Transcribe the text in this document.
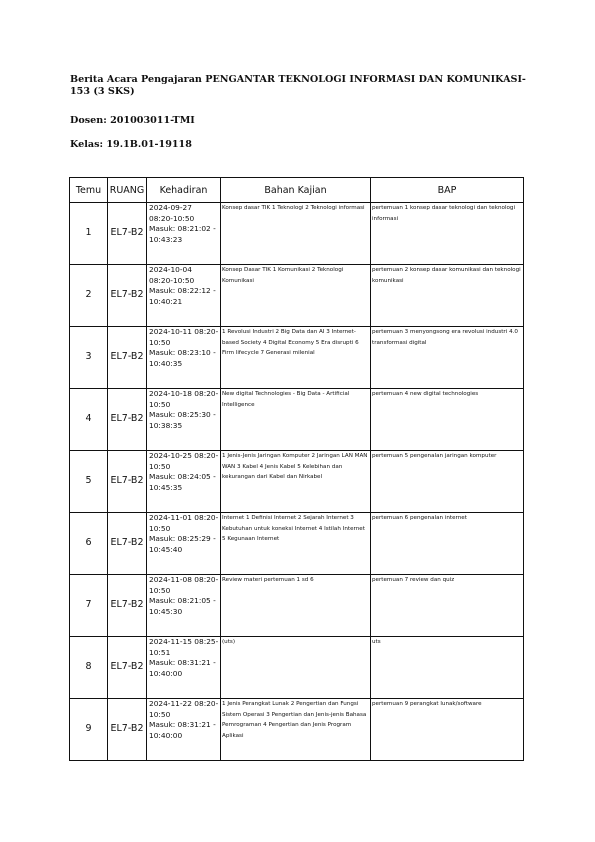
Berita Acara Pengajaran PENGANTAR TEKNOLOGI INFORMASI DAN KOMUNIKASI-153 (3 SKS)
Dosen: 201003011-TMI
Kelas: 19.1B.01-19118
Temu	RUANG	Kehadiran	Bahan Kajian	BAP
1	EL7-B2	2024-09-27
08:20-10:50
Masuk: 08:21:02 -
10:43:23	Konsep dasar TIK 1 Teknologi 2 Teknologi informasi	pertemuan 1 konsep dasar teknologi dan teknologi informasi
2	EL7-B2	2024-10-04
08:20-10:50
Masuk: 08:22:12 -
10:40:21	Konsep Dasar TIK 1 Komunikasi 2 Teknologi Komunikasi	pertemuan 2 konsep dasar komunikasi dan teknologi komunikasi
3	EL7-B2	2024-10-11 08:20-
10:50
Masuk: 08:23:10 -
10:40:35	1 Revolusi Industri 2 Big Data dan AI 3 Internet-based Society 4 Digital Economy 5 Era disrupti 6 Firm lifecycle 7 Generasi milenial	pertemuan 3 menyongsong era revolusi industri 4.0 transformasi digital
4	EL7-B2	2024-10-18 08:20-
10:50
Masuk: 08:25:30 -
10:38:35	New digital Technologies - Big Data - Artificial Intelligence	pertemuan 4 new digital technologies
5	EL7-B2	2024-10-25 08:20-
10:50
Masuk: 08:24:05 -
10:45:35	1 Jenis-Jenis Jaringan Komputer 2 Jaringan LAN MAN WAN 3 Kabel 4 Jenis Kabel 5 Kelebihan dan kekurangan dari Kabel dan Nirkabel	pertemuan 5 pengenalan jaringan komputer
6	EL7-B2	2024-11-01 08:20-
10:50
Masuk: 08:25:29 -
10:45:40	Internet 1 Definisi Internet 2 Sejarah Internet 3 Kebutuhan untuk koneksi Internet 4 Istilah Internet 5 Kegunaan Internet	pertemuan 6 pengenalan internet
7	EL7-B2	2024-11-08 08:20-
10:50
Masuk: 08:21:05 -
10:45:30	Review materi pertemuan 1 sd 6	pertemuan 7 review dan quiz
8	EL7-B2	2024-11-15 08:25-
10:51
Masuk: 08:31:21 -
10:40:00	(uts)	uts
9	EL7-B2	2024-11-22 08:20-
10:50
Masuk: 08:31:21 -
10:40:00	1 Jenis Perangkat Lunak 2 Pengertian dan Fungsi Sistem Operasi 3 Pengertian dan Jenis-jenis Bahasa Pemrograman 4 Pengertian dan Jenis Program Aplikasi	pertemuan 9 perangkat lunak/software
